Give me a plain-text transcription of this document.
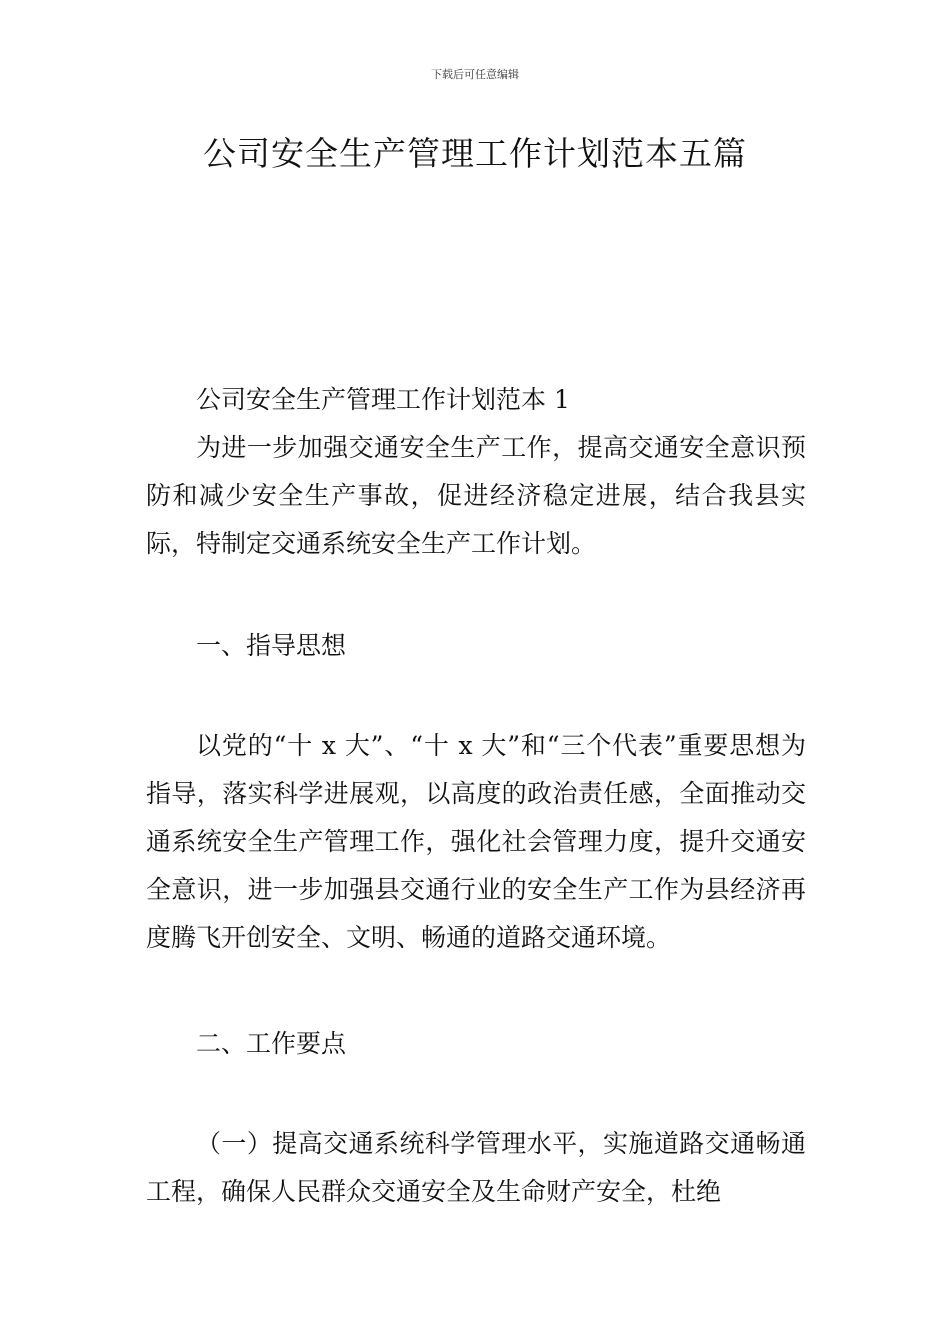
下载后可任意编辑
公司安全生产管理工作计划范本五篇

公司安全生产管理工作计划范本 1

为进一步加强交通安全生产工作，提高交通安全意识预防和减少安全生产事故，促进经济稳定进展，结合我县实际，特制定交通系统安全生产工作计划。

一、指导思想

以党的“十 x 大”、“十 x 大”和“三个代表”重要思想为指导，落实科学进展观，以高度的政治责任感，全面推动交通系统安全生产管理工作，强化社会管理力度，提升交通安全意识，进一步加强县交通行业的安全生产工作为县经济再度腾飞开创安全、文明、畅通的道路交通环境。

二、工作要点

（一）提高交通系统科学管理水平，实施道路交通畅通工程，确保人民群众交通安全及生命财产安全，杜绝
